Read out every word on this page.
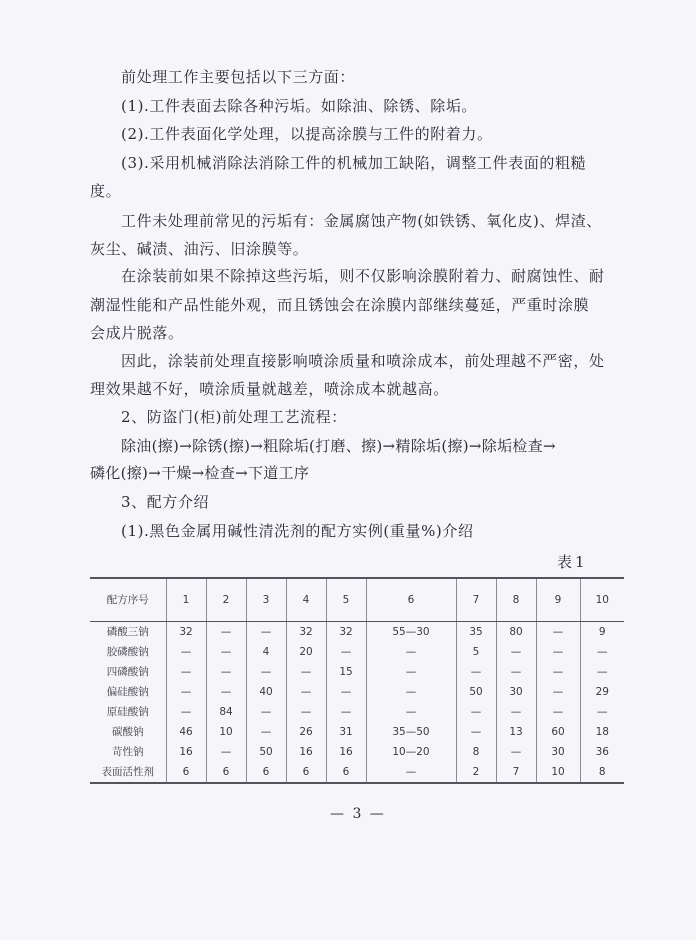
前处理工作主要包括以下三方面：
(1).工件表面去除各种污垢。如除油、除锈、除垢。
(2).工件表面化学处理，以提高涂膜与工件的附着力。
(3).采用机械消除法消除工件的机械加工缺陷，调整工件表面的粗糙
度。
工件未处理前常见的污垢有：金属腐蚀产物(如铁锈、氧化皮)、焊渣、
灰尘、碱渍、油污、旧涂膜等。
在涂装前如果不除掉这些污垢，则不仅影响涂膜附着力、耐腐蚀性、耐
潮湿性能和产品性能外观，而且锈蚀会在涂膜内部继续蔓延，严重时涂膜
会成片脱落。
因此，涂装前处理直接影响喷涂质量和喷涂成本，前处理越不严密，处
理效果越不好，喷涂质量就越差，喷涂成本就越高。
2、防盗门(柜)前处理工艺流程：
除油(擦)→除锈(擦)→粗除垢(打磨、擦)→精除垢(擦)→除垢检查→
磷化(擦)→干燥→检查→下道工序
3、配方介绍
(1).黑色金属用碱性清洗剂的配方实例(重量%)介绍
表1
配方序号	1	2	3	4	5	6	7	8	9	10
磷酸三钠	32	—	—	32	32	55—30	35	80	—	9
胶磷酸钠	—	—	4	20	—	—	5	—	—	—
四磷酸钠	—	—	—	—	15	—	—	—	—	—
偏硅酸钠	—	—	40	—	—	—	50	30	—	29
原硅酸钠	—	84	—	—	—	—	—	—	—	—
碳酸钠	46	10	—	26	31	35—50	—	13	60	18
苛性钠	16	—	50	16	16	10—20	8	—	30	36
表面活性剂	6	6	6	6	6	—	2	7	10	8
— 3 —
